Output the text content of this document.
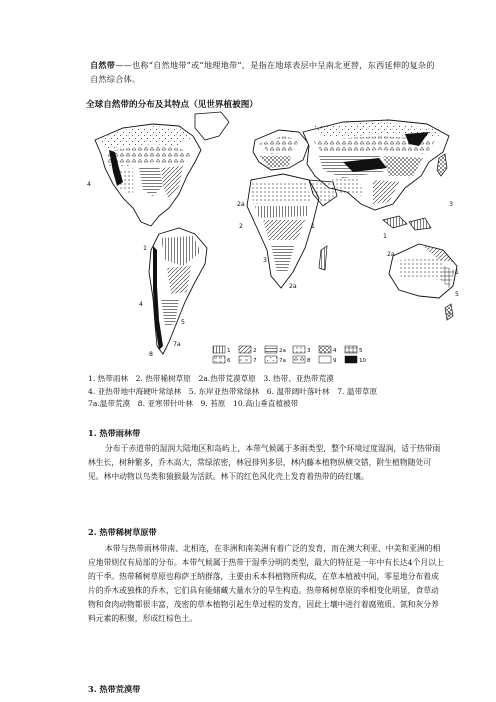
自然带——也称“自然地带”或“地理地带”，是指在地球表层中呈南北更替，东西延伸的复杂的自然综合体。
全球自然带的分布及其特点（见世界植被图）
4
1
4
5
7a
8
2a
2
3
1
2a
1
3
2a
5
3
1
1	2	2a	3	4	5
6	7	7a	8	9	10
1. 热带雨林　2. 热带稀树草原　2a.热带荒漠草原　3. 热带、亚热带荒漠
4. 亚热带地中海硬叶常绿林　5. 东岸亚热带常绿林　6. 温带阔叶落叶林　7. 温带草原
7a.温带荒漠　8. 亚寒带针叶林　9. 苔原　10.高山垂直植被带
1. 热带雨林带
分布于赤道带的湿润大陆地区和岛屿上，本带气候属于多雨类型，整个环境过度湿润，适于热带雨林生长，树种繁多，乔木高大，常绿浓密，林冠排列多层，林内藤本植物纵横交错，附生植物随处可见。林中动物以鸟类和猿猴最为活跃。林下的红色风化壳上发育着热带的砖红壤。
2. 热带稀树草原带
本带与热带雨林带南、北相连，在非洲和南美洲有着广泛的发育，而在澳大利亚、中美和亚洲的相应地带则仅有局部的分布。本带气候属于热带干湿季分明的类型，最大的特征是一年中有长达4个月以上的干季。热带稀树草原也称萨王纳群落，主要由禾本科植物所构成，在草本植被中间，零星地分布着成片的乔木或独株的乔木，它们具有能储藏大量水分的旱生构造。热带稀树草原的季相变化明显，食草动物和食肉动物都很丰富，茂密的草本植物引起生草过程的发育，因此土壤中进行着腐殖质、氮和灰分养料元素的积聚，形成红棕色土。
3. 热带荒漠带
